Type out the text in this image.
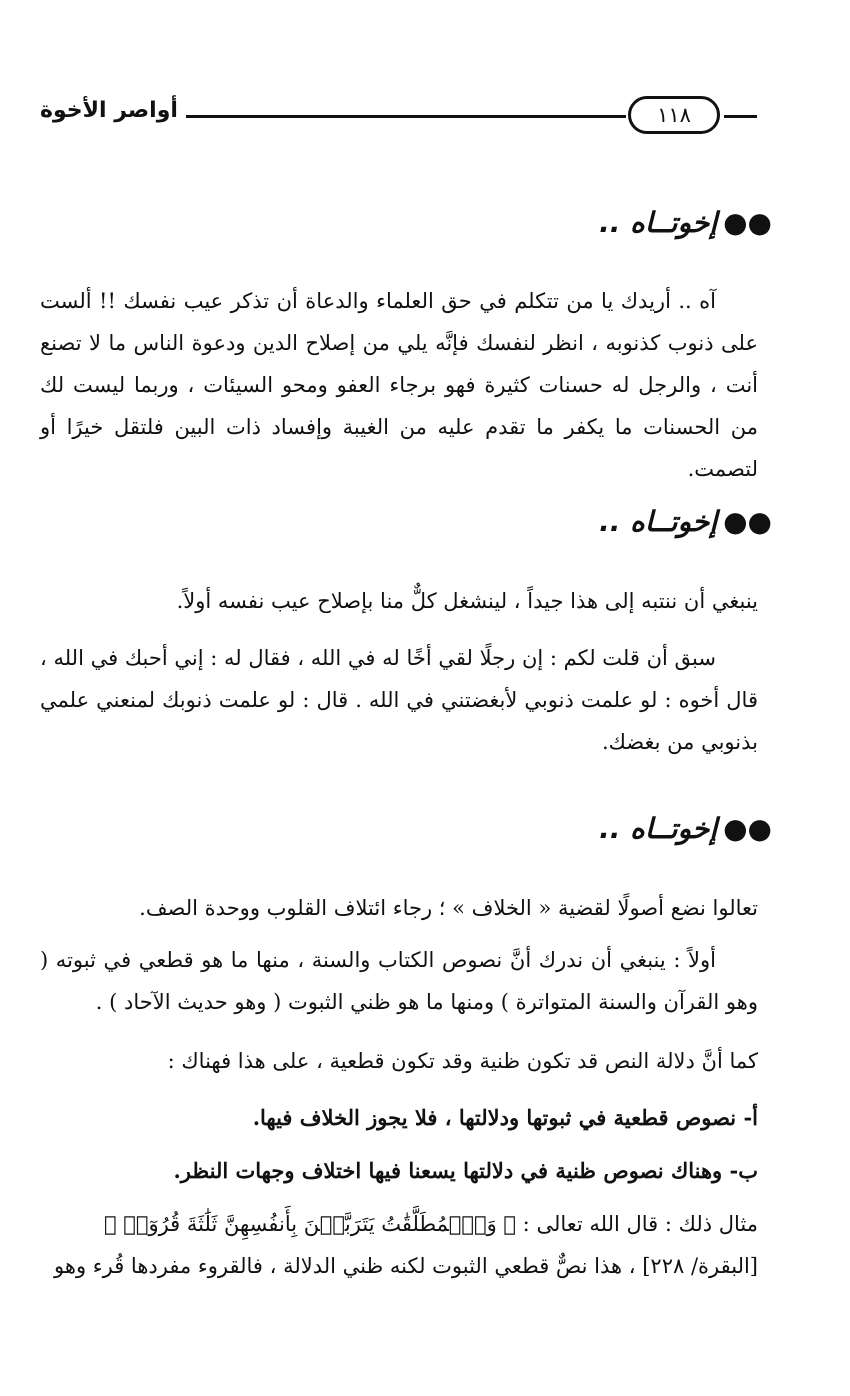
أواصر الأخوة	١١٨
●●إخوتــاه ..
آه .. أريدك يا من تتكلم في حق العلماء والدعاة أن تذكر عيب نفسك !! ألست على ذنوب كذنوبه ، انظر لنفسك فإنَّه يلي من إصلاح الدين ودعوة الناس ما لا تصنع أنت ، والرجل له حسنات كثيرة فهو برجاء العفو ومحو السيئات ، وربما ليست لك من الحسنات ما يكفر ما تقدم عليه من الغيبة وإفساد ذات البين فلتقل خيرًا أو لتصمت.
●●إخوتــاه ..
ينبغي أن ننتبه إلى هذا جيداً ، لينشغل كلٌّ منا بإصلاح عيب نفسه أولاً.
سبق أن قلت لكم : إن رجلًا لقي أخًا له في الله ، فقال له : إني أحبك في الله ، قال أخوه : لو علمت ذنوبي لأبغضتني في الله . قال : لو علمت ذنوبك لمنعني علمي بذنوبي من بغضك.
●●إخوتــاه ..
تعالوا نضع أصولًا لقضية « الخلاف » ؛ رجاء ائتلاف القلوب ووحدة الصف.
أولاً : ينبغي أن ندرك أنَّ نصوص الكتاب والسنة ، منها ما هو قطعي في ثبوته ( وهو القرآن والسنة المتواترة ) ومنها ما هو ظني الثبوت ( وهو حديث الآحاد ) .
كما أنَّ دلالة النص قد تكون ظنية وقد تكون قطعية ، على هذا فهناك :
أ- نصوص قطعية في ثبوتها ودلالتها ، فلا يجوز الخلاف فيها.
ب- وهناك نصوص ظنية في دلالتها يسعنا فيها اختلاف وجهات النظر.
مثال ذلك : قال الله تعالى : ﴿ وَٱلۡمُطَلَّقَٰتُ يَتَرَبَّصۡنَ بِأَنفُسِهِنَّ ثَلَٰثَةَ قُرُوٓءٖ ﴾
[البقرة/ ٢٢٨] ، هذا نصٌّ قطعي الثبوت لكنه ظني الدلالة ، فالقروء مفردها قُرء وهو
